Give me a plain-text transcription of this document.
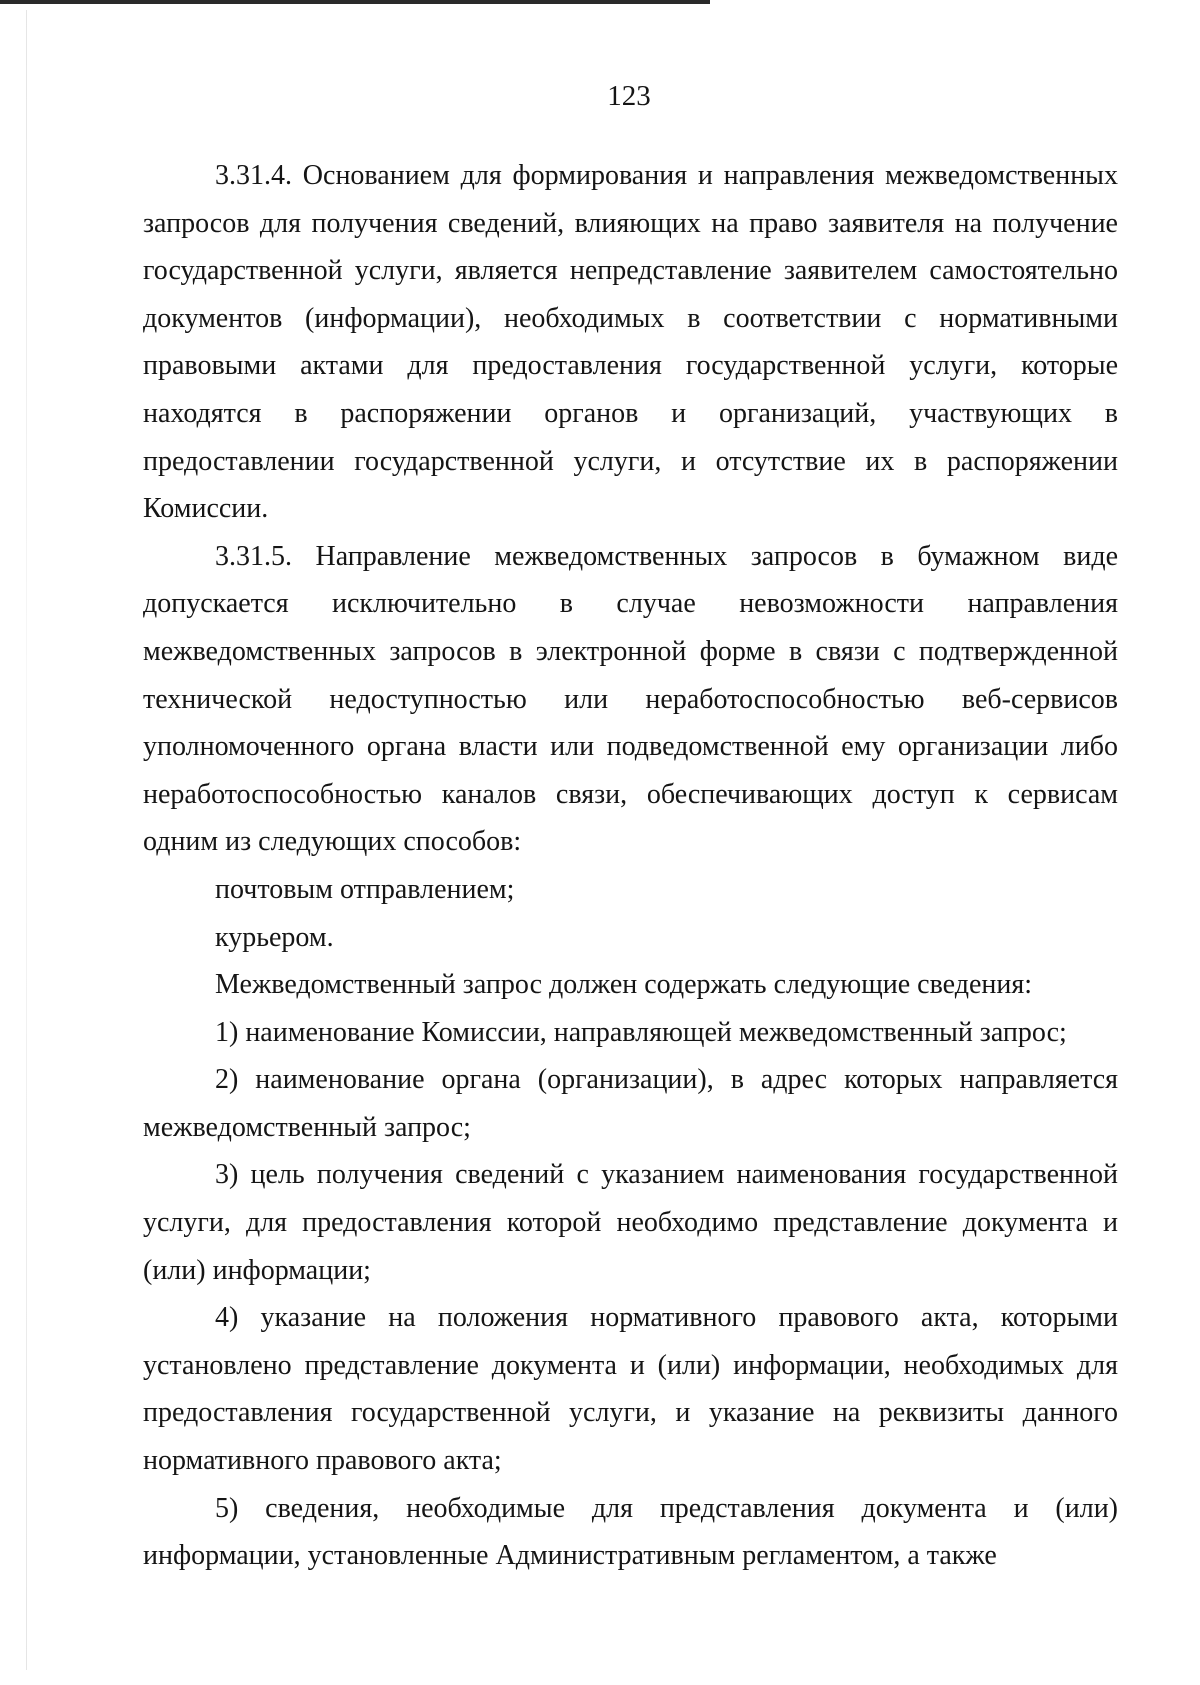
123

3.31.4. Основанием для формирования и направления межведомственных запросов для получения сведений, влияющих на право заявителя на получение государственной услуги, является непредставление заявителем самостоятельно документов (информации), необходимых в соответствии с нормативными правовыми актами для предоставления государственной услуги, которые находятся в распоряжении органов и организаций, участвующих в предоставлении государственной услуги, и отсутствие их в распоряжении Комиссии.

3.31.5. Направление межведомственных запросов в бумажном виде допускается исключительно в случае невозможности направления межведомственных запросов в электронной форме в связи с подтвержденной технической недоступностью или неработоспособностью веб-сервисов уполномоченного органа власти или подведомственной ему организации либо неработоспособностью каналов связи, обеспечивающих доступ к сервисам одним из следующих способов:

почтовым отправлением;

курьером.

Межведомственный запрос должен содержать следующие сведения:

1) наименование Комиссии, направляющей межведомственный запрос;

2) наименование органа (организации), в адрес которых направляется межведомственный запрос;

3) цель получения сведений с указанием наименования государственной услуги, для предоставления которой необходимо представление документа и (или) информации;

4) указание на положения нормативного правового акта, которыми установлено представление документа и (или) информации, необходимых для предоставления государственной услуги, и указание на реквизиты данного нормативного правового акта;

5) сведения, необходимые для представления документа и (или) информации, установленные Административным регламентом, а также
